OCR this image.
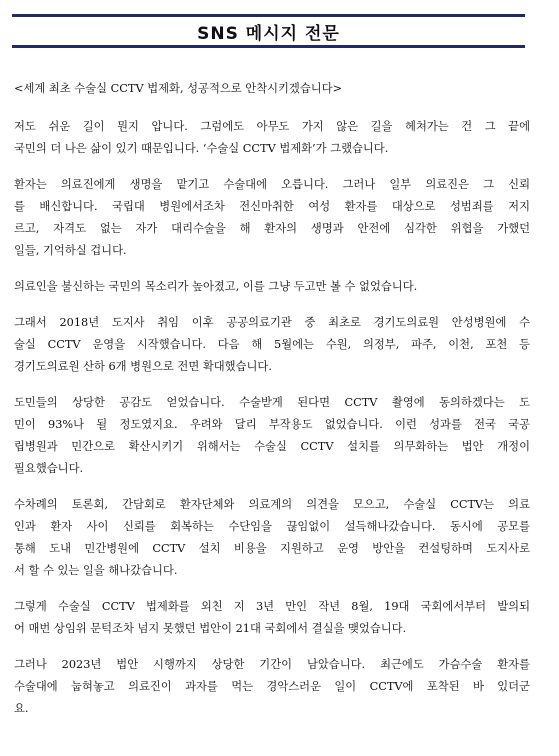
SNS 메시지 전문
<세계 최초 수술실 CCTV 법제화, 성공적으로 안착시키겠습니다>
저도 쉬운 길이 뭔지 압니다. 그럼에도 아무도 가지 않은 길을 헤쳐가는 건 그 끝에
국민의 더 나은 삶이 있기 때문입니다. ‘수술실 CCTV 법제화’가 그랬습니다.
환자는 의료진에게 생명을 맡기고 수술대에 오릅니다. 그러나 일부 의료진은 그 신뢰
를 배신합니다. 국립대 병원에서조차 전신마취한 여성 환자를 대상으로 성범죄를 저지
르고, 자격도 없는 자가 대리수술을 해 환자의 생명과 안전에 심각한 위협을 가했던
일들, 기억하실 겁니다.
의료인을 불신하는 국민의 목소리가 높아졌고, 이를 그냥 두고만 볼 수 없었습니다.
그래서 2018년 도지사 취임 이후 공공의료기관 중 최초로 경기도의료원 안성병원에 수
술실 CCTV 운영을 시작했습니다. 다음 해 5월에는 수원, 의정부, 파주, 이천, 포천 등
경기도의료원 산하 6개 병원으로 전면 확대했습니다.
도민들의 상당한 공감도 얻었습니다. 수술받게 된다면 CCTV 촬영에 동의하겠다는 도
민이 93%나 될 정도였지요. 우려와 달리 부작용도 없었습니다. 이런 성과를 전국 국공
립병원과 민간으로 확산시키기 위해서는 수술실 CCTV 설치를 의무화하는 법안 개정이
필요했습니다.
수차례의 토론회, 간담회로 환자단체와 의료계의 의견을 모으고, 수술실 CCTV는 의료
인과 환자 사이 신뢰를 회복하는 수단임을 끊임없이 설득해나갔습니다. 동시에 공모를
통해 도내 민간병원에 CCTV 설치 비용을 지원하고 운영 방안을 컨설팅하며 도지사로
서 할 수 있는 일을 해나갔습니다.
그렇게 수술실 CCTV 법제화를 외친 지 3년 만인 작년 8월, 19대 국회에서부터 발의되
어 매번 상임위 문턱조차 넘지 못했던 법안이 21대 국회에서 결실을 맺었습니다.
그러나 2023년 법안 시행까지 상당한 기간이 남았습니다. 최근에도 가슴수술 환자를
수술대에 눕혀놓고 의료진이 과자를 먹는 경악스러운 일이 CCTV에 포착된 바 있더군
요.
